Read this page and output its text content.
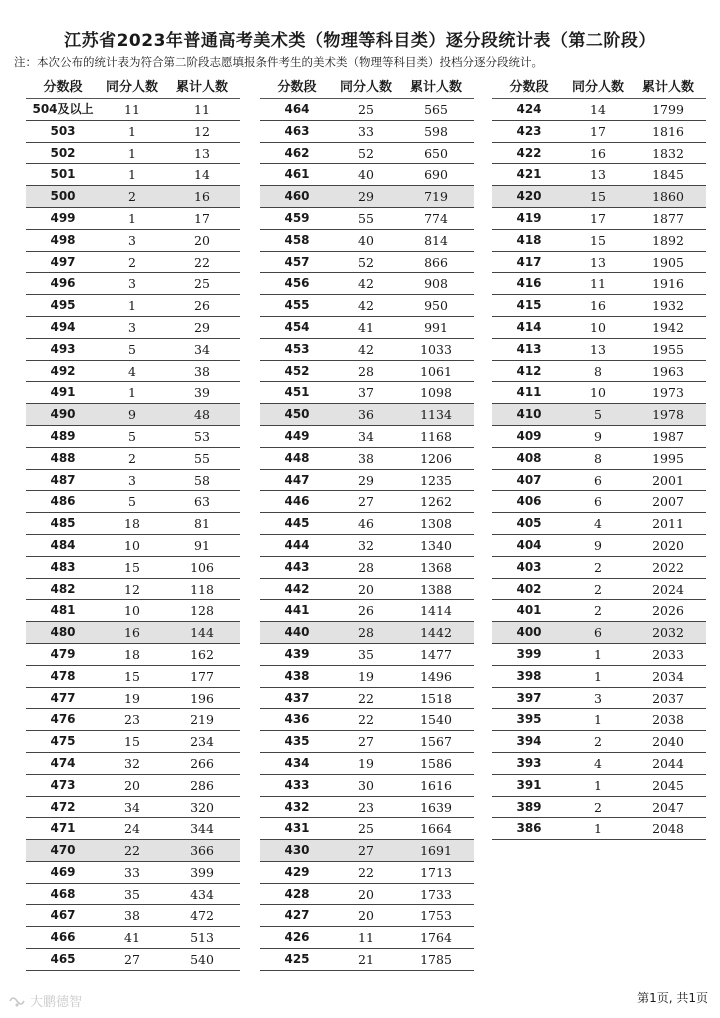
江苏省2023年普通高考美术类（物理等科目类）逐分段统计表（第二阶段）
注：本次公布的统计表为符合第二阶段志愿填报条件考生的美术类（物理等科目类）投档分逐分段统计。
分数段	同分人数	累计人数
504及以上	11	11
503	1	12
502	1	13
501	1	14
500	2	16
499	1	17
498	3	20
497	2	22
496	3	25
495	1	26
494	3	29
493	5	34
492	4	38
491	1	39
490	9	48
489	5	53
488	2	55
487	3	58
486	5	63
485	18	81
484	10	91
483	15	106
482	12	118
481	10	128
480	16	144
479	18	162
478	15	177
477	19	196
476	23	219
475	15	234
474	32	266
473	20	286
472	34	320
471	24	344
470	22	366
469	33	399
468	35	434
467	38	472
466	41	513
465	27	540
分数段	同分人数	累计人数
464	25	565
463	33	598
462	52	650
461	40	690
460	29	719
459	55	774
458	40	814
457	52	866
456	42	908
455	42	950
454	41	991
453	42	1033
452	28	1061
451	37	1098
450	36	1134
449	34	1168
448	38	1206
447	29	1235
446	27	1262
445	46	1308
444	32	1340
443	28	1368
442	20	1388
441	26	1414
440	28	1442
439	35	1477
438	19	1496
437	22	1518
436	22	1540
435	27	1567
434	19	1586
433	30	1616
432	23	1639
431	25	1664
430	27	1691
429	22	1713
428	20	1733
427	20	1753
426	11	1764
425	21	1785
分数段	同分人数	累计人数
424	14	1799
423	17	1816
422	16	1832
421	13	1845
420	15	1860
419	17	1877
418	15	1892
417	13	1905
416	11	1916
415	16	1932
414	10	1942
413	13	1955
412	8	1963
411	10	1973
410	5	1978
409	9	1987
408	8	1995
407	6	2001
406	6	2007
405	4	2011
404	9	2020
403	2	2022
402	2	2024
401	2	2026
400	6	2032
399	1	2033
398	1	2034
397	3	2037
395	1	2038
394	2	2040
393	4	2044
391	1	2045
389	2	2047
386	1	2048
大鹏德智	第1页, 共1页
